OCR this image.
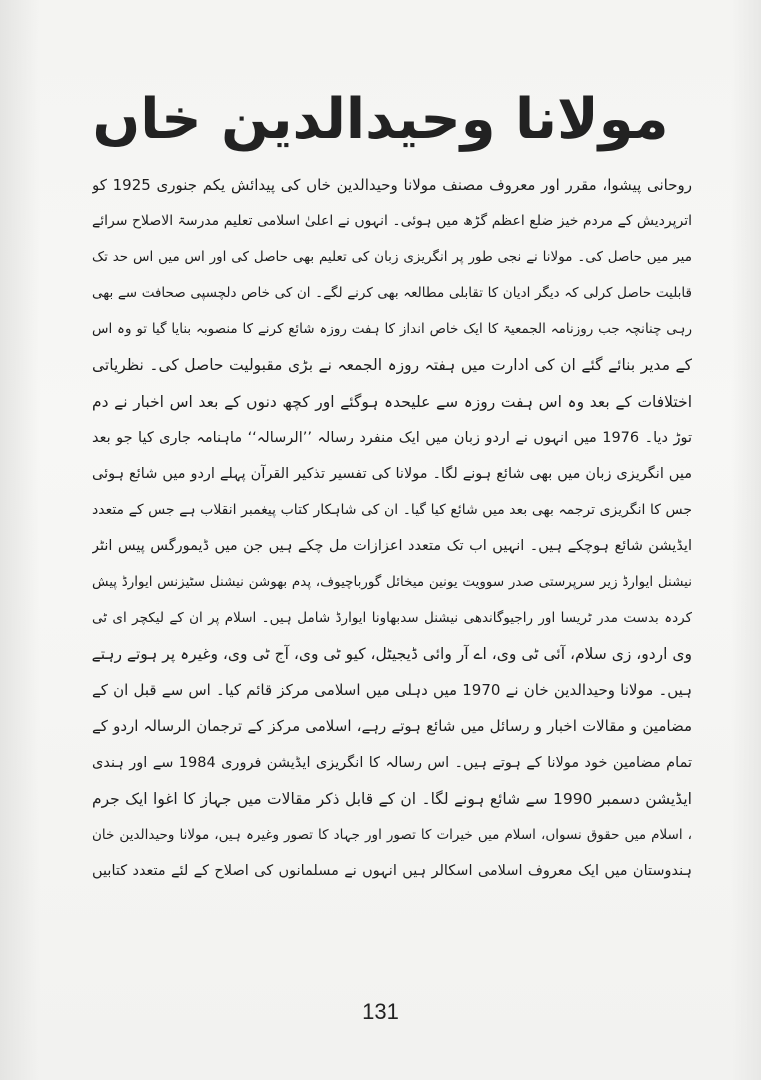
مولانا وحیدالدین خاں
روحانی پیشوا، مقرر اور معروف مصنف مولانا وحیدالدین خاں کی پیدائش یکم جنوری 1925 کو
اترپردیش کے مردم خیز ضلع اعظم گڑھ میں ہوئی۔ انہوں نے اعلیٰ اسلامی تعلیم مدرسۃ الاصلاح سرائے
میر میں حاصل کی۔ مولانا نے نجی طور پر انگریزی زبان کی تعلیم بھی حاصل کی اور اس میں اس حد تک
قابلیت حاصل کرلی کہ دیگر ادیان کا تقابلی مطالعہ بھی کرنے لگے۔ ان کی خاص دلچسپی صحافت سے بھی
رہی چنانچہ جب روزنامہ الجمعیۃ کا ایک خاص انداز کا ہفت روزہ شائع کرنے کا منصوبہ بنایا گیا تو وہ اس
کے مدیر بنائے گئے ان کی ادارت میں ہفتہ روزہ الجمعہ نے بڑی مقبولیت حاصل کی۔ نظریاتی
اختلافات کے بعد وہ اس ہفت روزہ سے علیحدہ ہوگئے اور کچھ دنوں کے بعد اس اخبار نے دم
توڑ دیا۔ 1976 میں انہوں نے اردو زبان میں ایک منفرد رسالہ ’’الرسالہ‘‘ ماہنامہ جاری کیا جو بعد
میں انگریزی زبان میں بھی شائع ہونے لگا۔ مولانا کی تفسیر تذکیر القرآن پہلے اردو میں شائع ہوئی
جس کا انگریزی ترجمہ بھی بعد میں شائع کیا گیا۔ ان کی شاہکار کتاب پیغمبر انقلاب ہے جس کے متعدد
ایڈیشن شائع ہوچکے ہیں۔ انہیں اب تک متعدد اعزازات مل چکے ہیں جن میں ڈیمورگس پیس انٹر
نیشنل ایوارڈ زیر سرپرستی صدر سوویت یونین میخائل گورباچیوف، پدم بھوشن نیشنل سٹیزنس ایوارڈ پیش
کردہ بدست مدر ٹریسا اور راجیوگاندھی نیشنل سدبھاونا ایوارڈ شامل ہیں۔ اسلام پر ان کے لیکچر ای ٹی
وی اردو، زی سلام، آئی ٹی وی، اے آر وائی ڈیجیٹل، کیو ٹی وی، آج ٹی وی، وغیرہ پر ہوتے رہتے
ہیں۔ مولانا وحیدالدین خان نے 1970 میں دہلی میں اسلامی مرکز قائم کیا۔ اس سے قبل ان کے
مضامین و مقالات اخبار و رسائل میں شائع ہوتے رہے، اسلامی مرکز کے ترجمان الرسالہ اردو کے
تمام مضامین خود مولانا کے ہوتے ہیں۔ اس رسالہ کا انگریزی ایڈیشن فروری 1984 سے اور ہندی
ایڈیشن دسمبر 1990 سے شائع ہونے لگا۔ ان کے قابل ذکر مقالات میں جہاز کا اغوا ایک جرم
، اسلام میں حقوق نسواں، اسلام میں خیرات کا تصور اور جہاد کا تصور وغیرہ ہیں، مولانا وحیدالدین خان
ہندوستان میں ایک معروف اسلامی اسکالر ہیں انہوں نے مسلمانوں کی اصلاح کے لئے متعدد کتابیں
131
